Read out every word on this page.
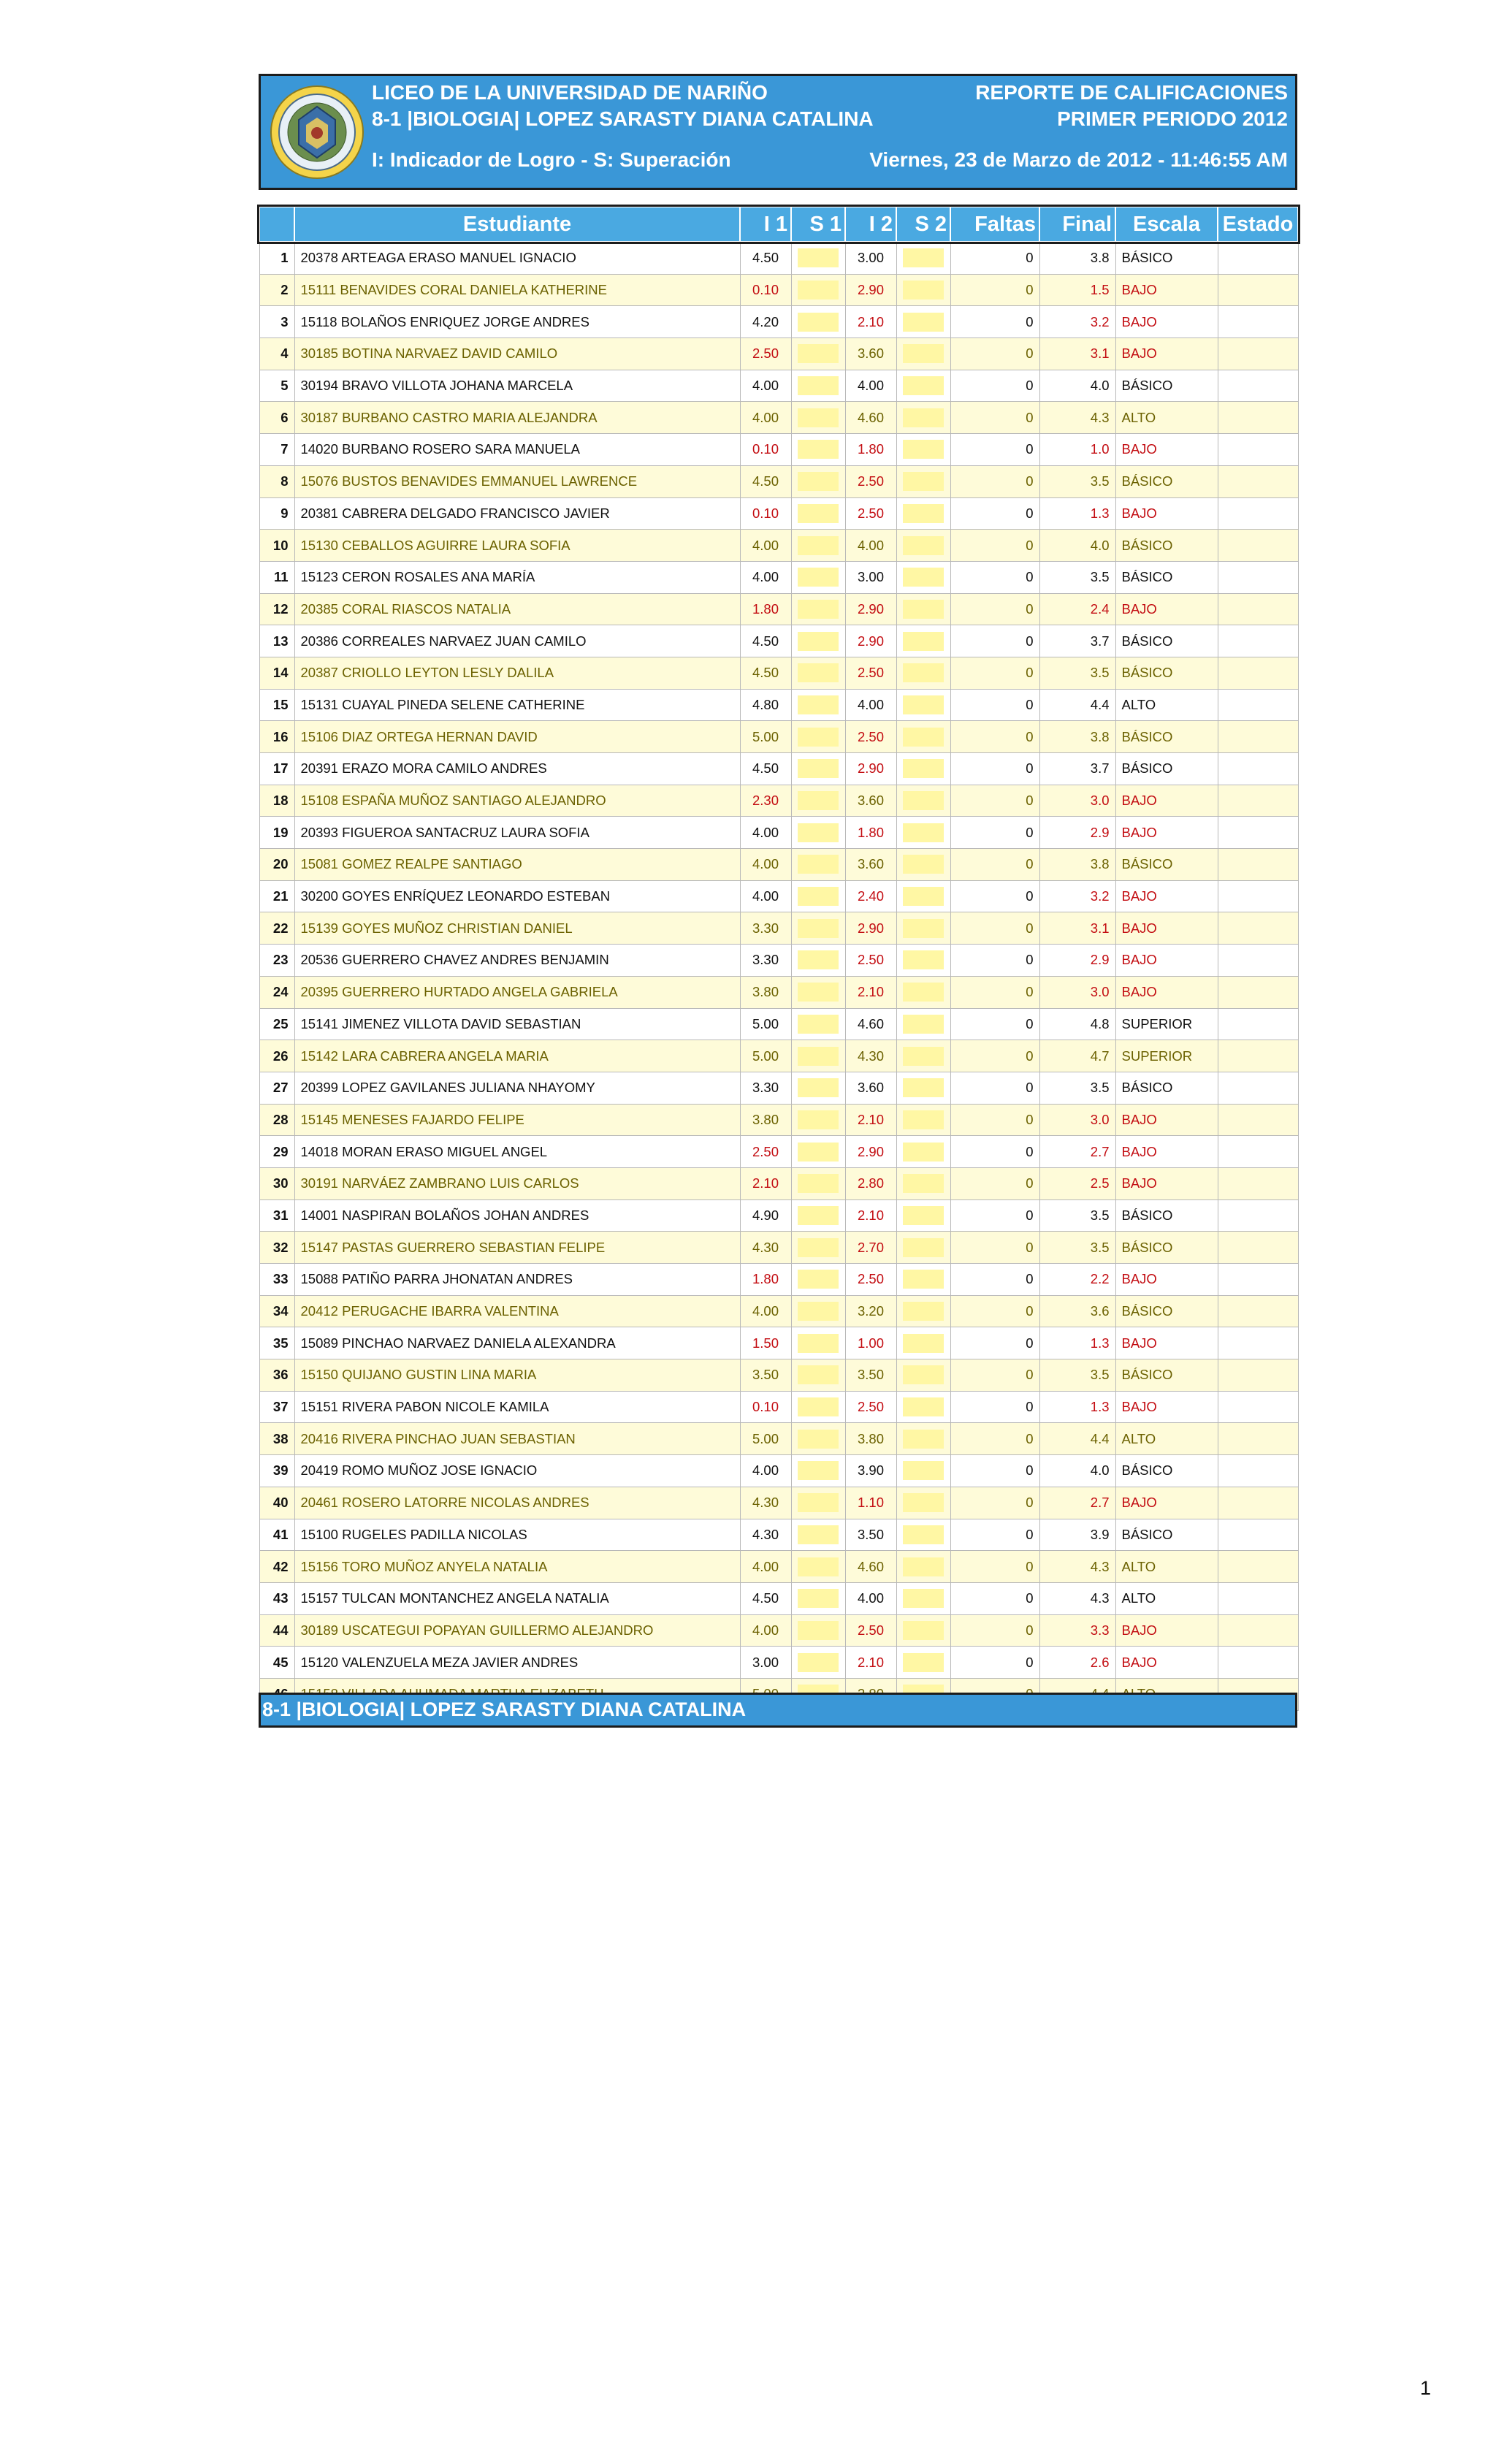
LICEO DE LA UNIVERSIDAD DE NARIÑO
8-1 |BIOLOGIA| LOPEZ SARASTY DIANA CATALINA
I: Indicador de Logro - S: Superación
REPORTE DE CALIFICACIONES
PRIMER PERIODO 2012
Viernes, 23 de Marzo de 2012 - 11:46:55 AM
	Estudiante	I 1	S 1	I 2	S 2	Faltas	Final	Escala	Estado
1	20378 ARTEAGA ERASO MANUEL IGNACIO	4.50		3.00		0	3.8	BÁSICO	
2	15111 BENAVIDES CORAL DANIELA KATHERINE	0.10		2.90		0	1.5	BAJO	
3	15118 BOLAÑOS ENRIQUEZ JORGE ANDRES	4.20		2.10		0	3.2	BAJO	
4	30185 BOTINA NARVAEZ DAVID CAMILO	2.50		3.60		0	3.1	BAJO	
5	30194 BRAVO VILLOTA JOHANA MARCELA	4.00		4.00		0	4.0	BÁSICO	
6	30187 BURBANO CASTRO MARIA ALEJANDRA	4.00		4.60		0	4.3	ALTO	
7	14020 BURBANO ROSERO SARA MANUELA	0.10		1.80		0	1.0	BAJO	
8	15076 BUSTOS BENAVIDES EMMANUEL LAWRENCE	4.50		2.50		0	3.5	BÁSICO	
9	20381 CABRERA DELGADO FRANCISCO JAVIER	0.10		2.50		0	1.3	BAJO	
10	15130 CEBALLOS AGUIRRE LAURA SOFIA	4.00		4.00		0	4.0	BÁSICO	
11	15123 CERON ROSALES ANA MARÍA	4.00		3.00		0	3.5	BÁSICO	
12	20385 CORAL RIASCOS NATALIA	1.80		2.90		0	2.4	BAJO	
13	20386 CORREALES NARVAEZ JUAN CAMILO	4.50		2.90		0	3.7	BÁSICO	
14	20387 CRIOLLO LEYTON LESLY DALILA	4.50		2.50		0	3.5	BÁSICO	
15	15131 CUAYAL PINEDA SELENE CATHERINE	4.80		4.00		0	4.4	ALTO	
16	15106 DIAZ ORTEGA HERNAN DAVID	5.00		2.50		0	3.8	BÁSICO	
17	20391 ERAZO MORA CAMILO ANDRES	4.50		2.90		0	3.7	BÁSICO	
18	15108 ESPAÑA MUÑOZ SANTIAGO ALEJANDRO	2.30		3.60		0	3.0	BAJO	
19	20393 FIGUEROA SANTACRUZ LAURA SOFIA	4.00		1.80		0	2.9	BAJO	
20	15081 GOMEZ REALPE SANTIAGO	4.00		3.60		0	3.8	BÁSICO	
21	30200 GOYES ENRÍQUEZ LEONARDO ESTEBAN	4.00		2.40		0	3.2	BAJO	
22	15139 GOYES MUÑOZ CHRISTIAN DANIEL	3.30		2.90		0	3.1	BAJO	
23	20536 GUERRERO CHAVEZ ANDRES BENJAMIN	3.30		2.50		0	2.9	BAJO	
24	20395 GUERRERO HURTADO ANGELA GABRIELA	3.80		2.10		0	3.0	BAJO	
25	15141 JIMENEZ VILLOTA DAVID SEBASTIAN	5.00		4.60		0	4.8	SUPERIOR	
26	15142 LARA CABRERA ANGELA MARIA	5.00		4.30		0	4.7	SUPERIOR	
27	20399 LOPEZ GAVILANES JULIANA NHAYOMY	3.30		3.60		0	3.5	BÁSICO	
28	15145 MENESES FAJARDO FELIPE	3.80		2.10		0	3.0	BAJO	
29	14018 MORAN ERASO MIGUEL ANGEL	2.50		2.90		0	2.7	BAJO	
30	30191 NARVÁEZ ZAMBRANO LUIS CARLOS	2.10		2.80		0	2.5	BAJO	
31	14001 NASPIRAN BOLAÑOS JOHAN ANDRES	4.90		2.10		0	3.5	BÁSICO	
32	15147 PASTAS GUERRERO SEBASTIAN FELIPE	4.30		2.70		0	3.5	BÁSICO	
33	15088 PATIÑO PARRA JHONATAN ANDRES	1.80		2.50		0	2.2	BAJO	
34	20412 PERUGACHE IBARRA VALENTINA	4.00		3.20		0	3.6	BÁSICO	
35	15089 PINCHAO NARVAEZ DANIELA ALEXANDRA	1.50		1.00		0	1.3	BAJO	
36	15150 QUIJANO GUSTIN LINA MARIA	3.50		3.50		0	3.5	BÁSICO	
37	15151 RIVERA PABON NICOLE KAMILA	0.10		2.50		0	1.3	BAJO	
38	20416 RIVERA PINCHAO JUAN SEBASTIAN	5.00		3.80		0	4.4	ALTO	
39	20419 ROMO MUÑOZ JOSE IGNACIO	4.00		3.90		0	4.0	BÁSICO	
40	20461 ROSERO LATORRE NICOLAS ANDRES	4.30		1.10		0	2.7	BAJO	
41	15100 RUGELES PADILLA NICOLAS	4.30		3.50		0	3.9	BÁSICO	
42	15156 TORO MUÑOZ ANYELA NATALIA	4.00		4.60		0	4.3	ALTO	
43	15157 TULCAN MONTANCHEZ ANGELA NATALIA	4.50		4.00		0	4.3	ALTO	
44	30189 USCATEGUI POPAYAN GUILLERMO ALEJANDRO	4.00		2.50		0	3.3	BAJO	
45	15120 VALENZUELA MEZA JAVIER ANDRES	3.00		2.10		0	2.6	BAJO	

8-1 |BIOLOGIA| LOPEZ SARASTY DIANA CATALINA
1
